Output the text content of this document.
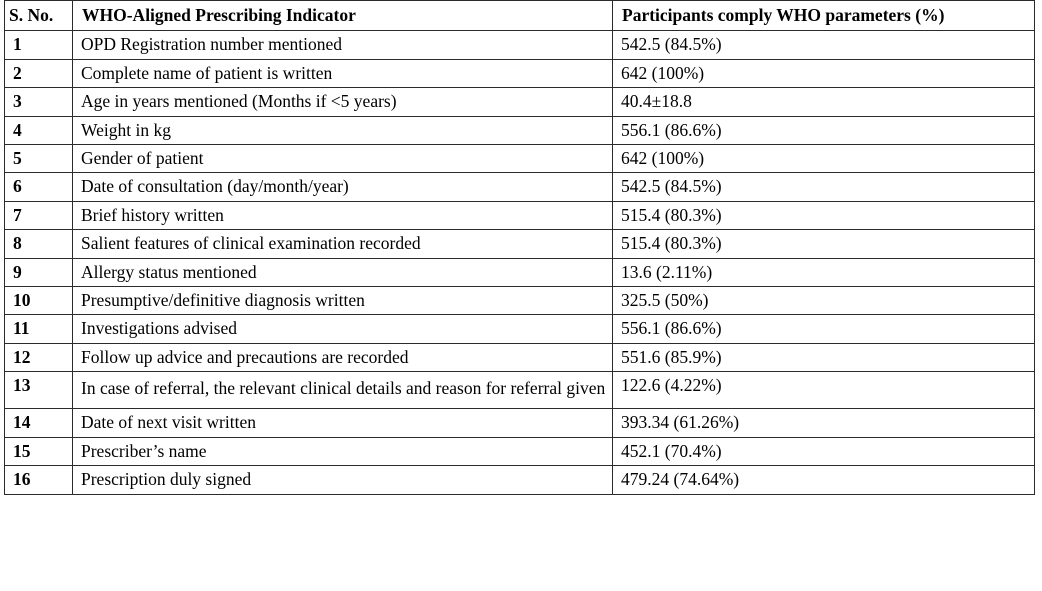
S. No.	WHO-Aligned Prescribing Indicator	Participants comply WHO parameters (%)
1	OPD Registration number mentioned	542.5 (84.5%)
2	Complete name of patient is written	642 (100%)
3	Age in years mentioned (Months if <5 years)	40.4±18.8
4	Weight in kg	556.1 (86.6%)
5	Gender of patient	642 (100%)
6	Date of consultation (day/month/year)	542.5 (84.5%)
7	Brief history written	515.4 (80.3%)
8	Salient features of clinical examination recorded	515.4 (80.3%)
9	Allergy status mentioned	13.6 (2.11%)
10	Presumptive/definitive diagnosis written	325.5 (50%)
11	Investigations advised	556.1 (86.6%)
12	Follow up advice and precautions are recorded	551.6 (85.9%)
13	In case of referral, the relevant clinical details and reason for referral given	122.6 (4.22%)
14	Date of next visit written	393.34 (61.26%)
15	Prescriber’s name	452.1 (70.4%)
16	Prescription duly signed	479.24 (74.64%)
